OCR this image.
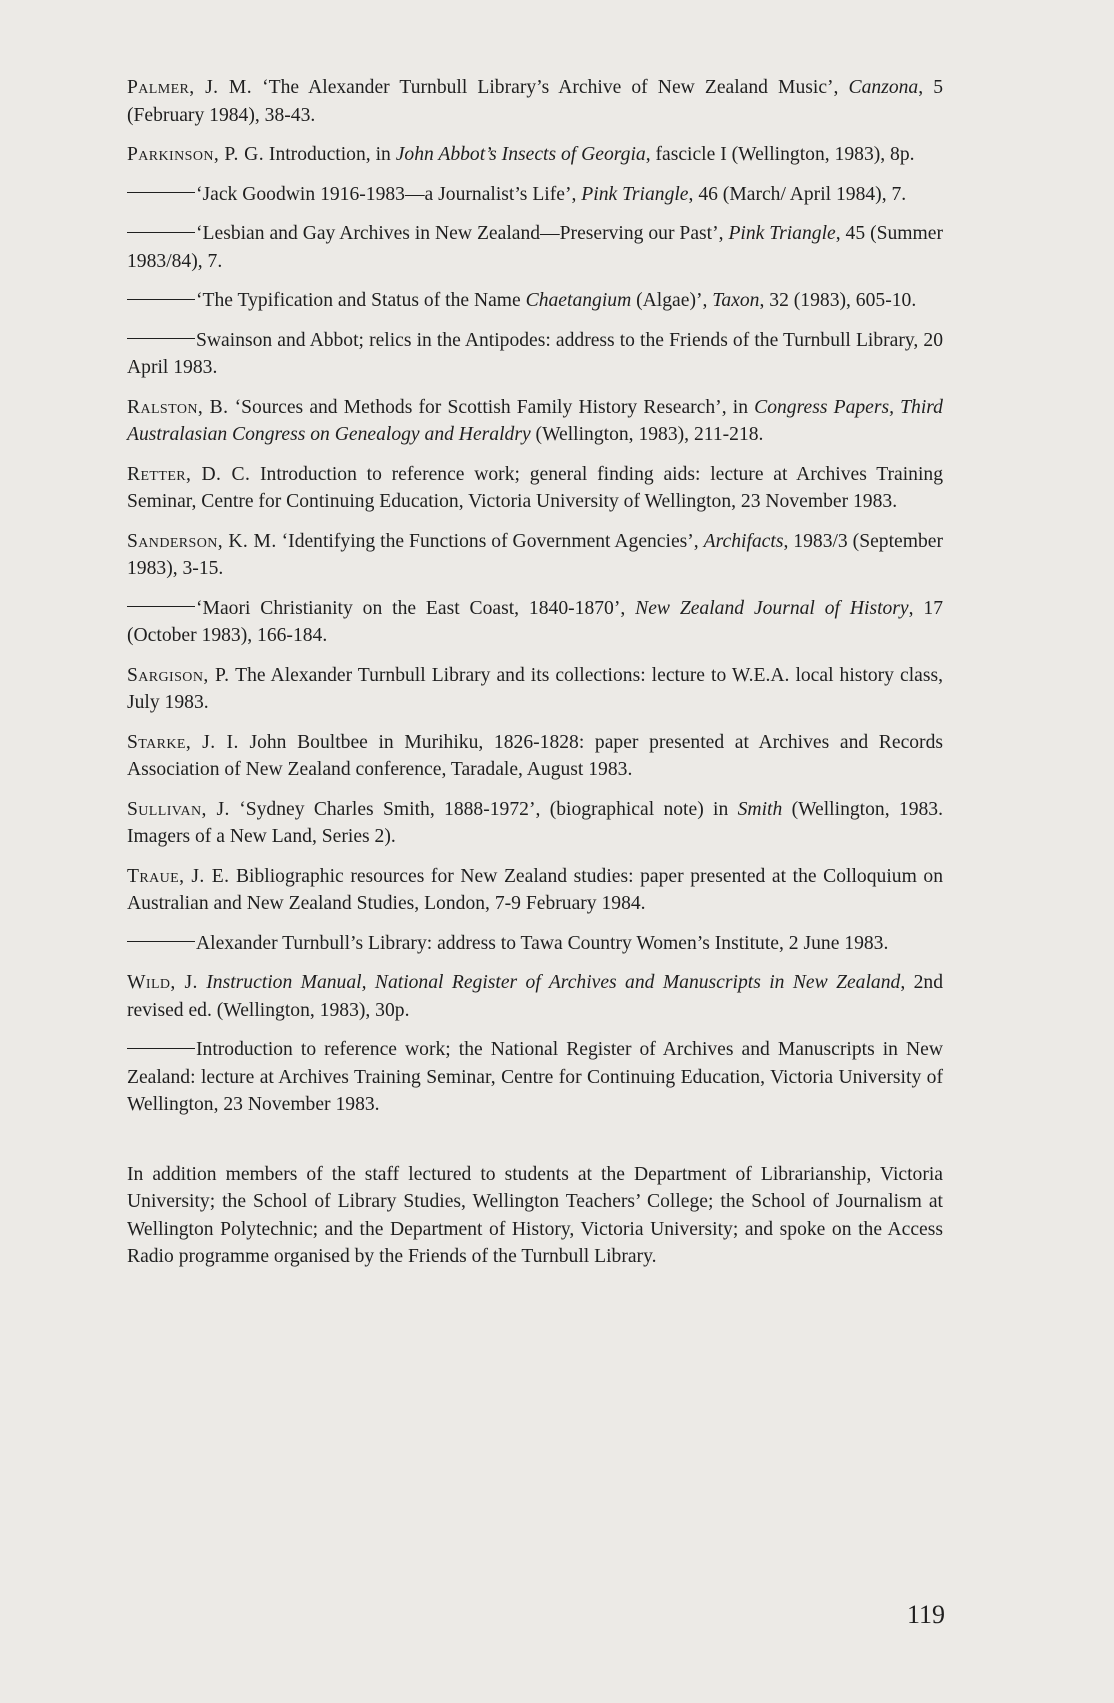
Palmer, J. M. ‘The Alexander Turnbull Library’s Archive of New Zealand Music’, Canzona, 5 (February 1984), 38-43.

Parkinson, P. G. Introduction, in John Abbot’s Insects of Georgia, fascicle I (Wellington, 1983), 8p.

‘Jack Goodwin 1916-1983—a Journalist’s Life’, Pink Triangle, 46 (March/ April 1984), 7.

‘Lesbian and Gay Archives in New Zealand—Preserving our Past’, Pink Triangle, 45 (Summer 1983/84), 7.

‘The Typification and Status of the Name Chaetangium (Algae)’, Taxon, 32 (1983), 605-10.

Swainson and Abbot; relics in the Antipodes: address to the Friends of the Turnbull Library, 20 April 1983.

Ralston, B. ‘Sources and Methods for Scottish Family History Research’, in Congress Papers, Third Australasian Congress on Genealogy and Heraldry (Wellington, 1983), 211-218.

Retter, D. C. Introduction to reference work; general finding aids: lecture at Archives Training Seminar, Centre for Continuing Education, Victoria University of Wellington, 23 November 1983.

Sanderson, K. M. ‘Identifying the Functions of Government Agencies’, Archifacts, 1983/3 (September 1983), 3-15.

‘Maori Christianity on the East Coast, 1840-1870’, New Zealand Journal of History, 17 (October 1983), 166-184.

Sargison, P. The Alexander Turnbull Library and its collections: lecture to W.E.A. local history class, July 1983.

Starke, J. I. John Boultbee in Murihiku, 1826-1828: paper presented at Archives and Records Association of New Zealand conference, Taradale, August 1983.

Sullivan, J. ‘Sydney Charles Smith, 1888-1972’, (biographical note) in Smith (Wellington, 1983. Imagers of a New Land, Series 2).

Traue, J. E. Bibliographic resources for New Zealand studies: paper presented at the Colloquium on Australian and New Zealand Studies, London, 7-9 February 1984.

Alexander Turnbull’s Library: address to Tawa Country Women’s Institute, 2 June 1983.

Wild, J. Instruction Manual, National Register of Archives and Manuscripts in New Zealand, 2nd revised ed. (Wellington, 1983), 30p.

Introduction to reference work; the National Register of Archives and Manuscripts in New Zealand: lecture at Archives Training Seminar, Centre for Continuing Education, Victoria University of Wellington, 23 November 1983.

In addition members of the staff lectured to students at the Department of Librarianship, Victoria University; the School of Library Studies, Wellington Teachers’ College; the School of Journalism at Wellington Polytechnic; and the Department of History, Victoria University; and spoke on the Access Radio programme organised by the Friends of the Turnbull Library.

119
